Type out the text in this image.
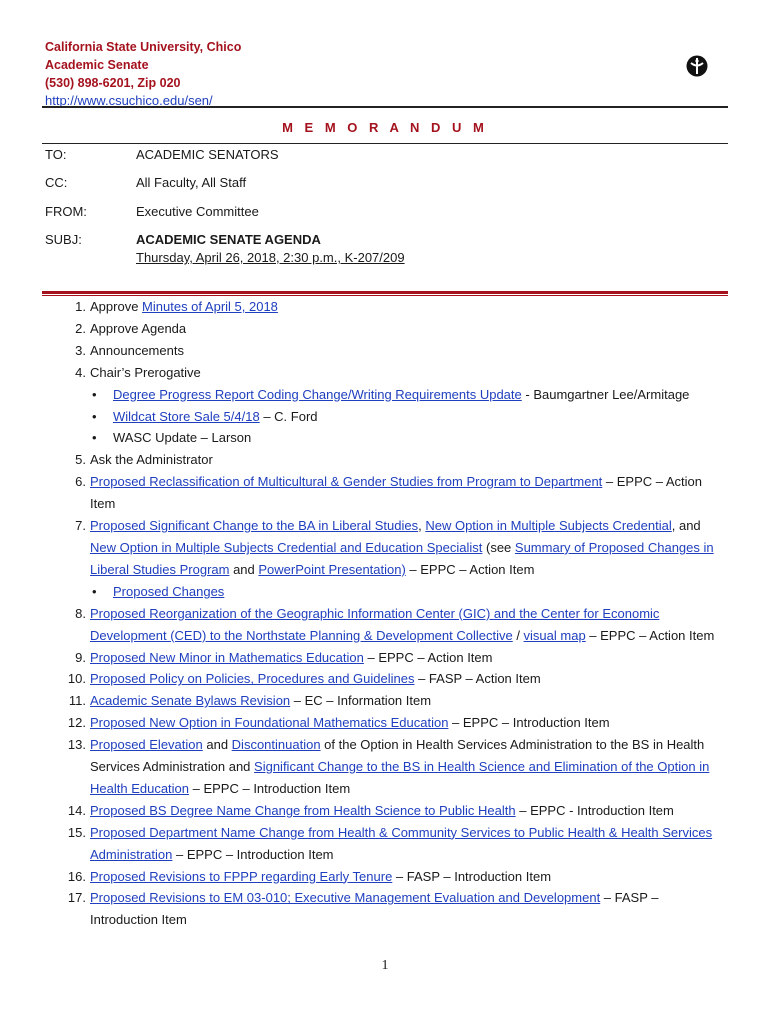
California State University, Chico
Academic Senate
(530) 898-6201, Zip 020
http://www.csuchico.edu/sen/
M E M O R A N D U M
TO:	ACADEMIC SENATORS
CC:	All Faculty, All Staff
FROM:	Executive Committee
SUBJ:	ACADEMIC SENATE AGENDA
Thursday, April 26, 2018, 2:30 p.m., K-207/209
1. Approve Minutes of April 5, 2018
2. Approve Agenda
3. Announcements
4. Chair’s Prerogative
• Degree Progress Report Coding Change/Writing Requirements Update - Baumgartner Lee/Armitage
• Wildcat Store Sale 5/4/18 – C. Ford
• WASC Update – Larson
5. Ask the Administrator
6. Proposed Reclassification of Multicultural & Gender Studies from Program to Department – EPPC – Action Item
7. Proposed Significant Change to the BA in Liberal Studies, New Option in Multiple Subjects Credential, and New Option in Multiple Subjects Credential and Education Specialist (see Summary of Proposed Changes in Liberal Studies Program and PowerPoint Presentation) – EPPC – Action Item
• Proposed Changes
8. Proposed Reorganization of the Geographic Information Center (GIC) and the Center for Economic Development (CED) to the Northstate Planning & Development Collective / visual map – EPPC – Action Item
9. Proposed New Minor in Mathematics Education – EPPC – Action Item
10. Proposed Policy on Policies, Procedures and Guidelines – FASP – Action Item
11. Academic Senate Bylaws Revision – EC – Information Item
12. Proposed New Option in Foundational Mathematics Education – EPPC – Introduction Item
13. Proposed Elevation and Discontinuation of the Option in Health Services Administration to the BS in Health Services Administration and Significant Change to the BS in Health Science and Elimination of the Option in Health Education – EPPC – Introduction Item
14. Proposed BS Degree Name Change from Health Science to Public Health – EPPC - Introduction Item
15. Proposed Department Name Change from Health & Community Services to Public Health & Health Services Administration – EPPC – Introduction Item
16. Proposed Revisions to FPPP regarding Early Tenure – FASP – Introduction Item
17. Proposed Revisions to EM 03-010; Executive Management Evaluation and Development – FASP – Introduction Item
1
